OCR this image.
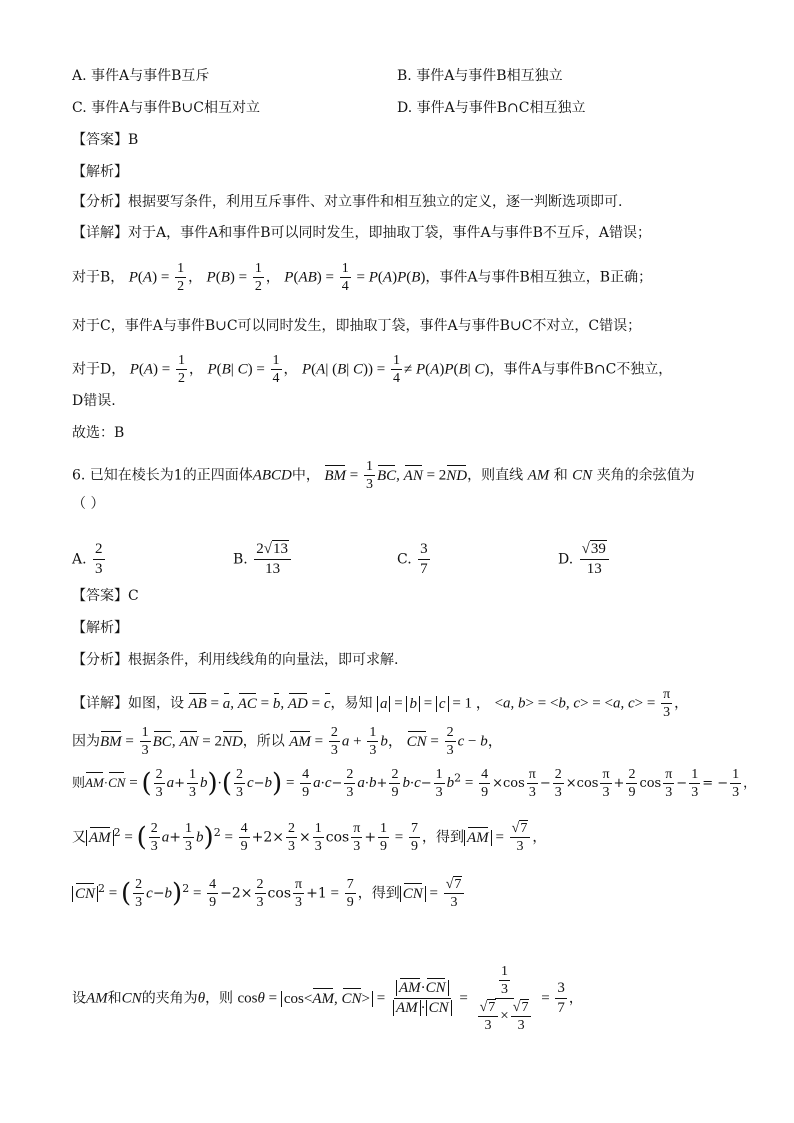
A. 事件A与事件B互斥	B. 事件A与事件B相互独立
C. 事件A与事件B∪C相互对立	D. 事件A与事件B∩C相互独立
【答案】B
【解析】
【分析】根据要写条件，利用互斥事件、对立事件和相互独立的定义，逐一判断选项即可.
【详解】对于A，事件A和事件B可以同时发生，即抽取丁袋，事件A与事件B不互斥，A错误；
对于B， $P(A) = \frac{1}{2}$ ， $P(B) = \frac{1}{2}$ ， $P(AB) = \frac{1}{4} = P(A)P(B)$，事件A与事件B相互独立，B正确；
对于C，事件A与事件B∪C可以同时发生，即抽取丁袋，事件A与事件B∪C不对立，C错误；
对于D， $P(A) = \frac{1}{2}$ ， P(B| $C) = \frac{1}{4}$ ， P(A| (B| $C)) = \frac{1}{4} \ne P(A)P(B|$ C)，事件A与事件B∩C不独立，
D错误.
故选：B
6. 已知在棱长为1的正四面体ABCD中， BM = $\frac{1}{3}$ BC, AN = 2ND，则直线 AM 和 CN 夹角的余弦值为
（ ）
A. $\frac{2}{3}$	B. $\frac{2√13}{13}$	C. $\frac{3}{7}$	D. $\frac{√39}{13}$
【答案】C
【解析】
【分析】根据条件，利用线线角的向量法，即可求解.
【详解】如图，设 AB = a, AC = b, AD = c，易知 a = b = c = 1 ， <a, b> = <b, c> = <a, $c> = \frac{\pi}{3}$ ，
因为BM = $\frac{1}{3}$ BC, AN = 2ND，所以 AM = $\frac{2}{3}$ $a + \frac{1}{3}$ b， CN = $\frac{2}{3}$ c − b，
则AM·CN = ( $\frac{2}{3} a+ \frac{1}{3} b)\cdot( \frac{2}{3} c-b) = \frac{4}{9} a\cdot c- \frac{2}{3} a\cdot b+ \frac{2}{9} b\cdot c- \frac{1}{3} b^2 = \frac{4}{9} \times\cos \frac{\pi}{3} - \frac{2}{3} \times\cos \frac{\pi}{3} + \frac{2}{9}$ $\cos \frac{\pi}{3} - \frac{1}{3}$ = − $\frac{1}{3}$ ，
又 AM $^2$ = ( $\frac{2}{3} a+ \frac{1}{3} b)^2 = \frac{4}{9} +2\times \frac{2}{3} \times \frac{1}{3}$ $\cos \frac{\pi}{3} + \frac{1}{9} = \frac{7}{9}$ ，得到 AM = $\frac{√7}{3}$ ，
CN $^2$ = ( $\frac{2}{3} c-b)^2 = \frac{4}{9} -2\times \frac{2}{3}$ $\cos \frac{\pi}{3} +1 = \frac{7}{9}$ ，得到 CN = $\frac{√7}{3}$
设AM和CN的夹角为θ，则 cosθ = cos<AM, $CN> = \frac{AM\cdot CN}{AM \cdot CN} = \frac{\frac{1}{3}}{\frac{√7}{3} \times \frac{√7}{3}} = \frac{3}{7}$ ，
